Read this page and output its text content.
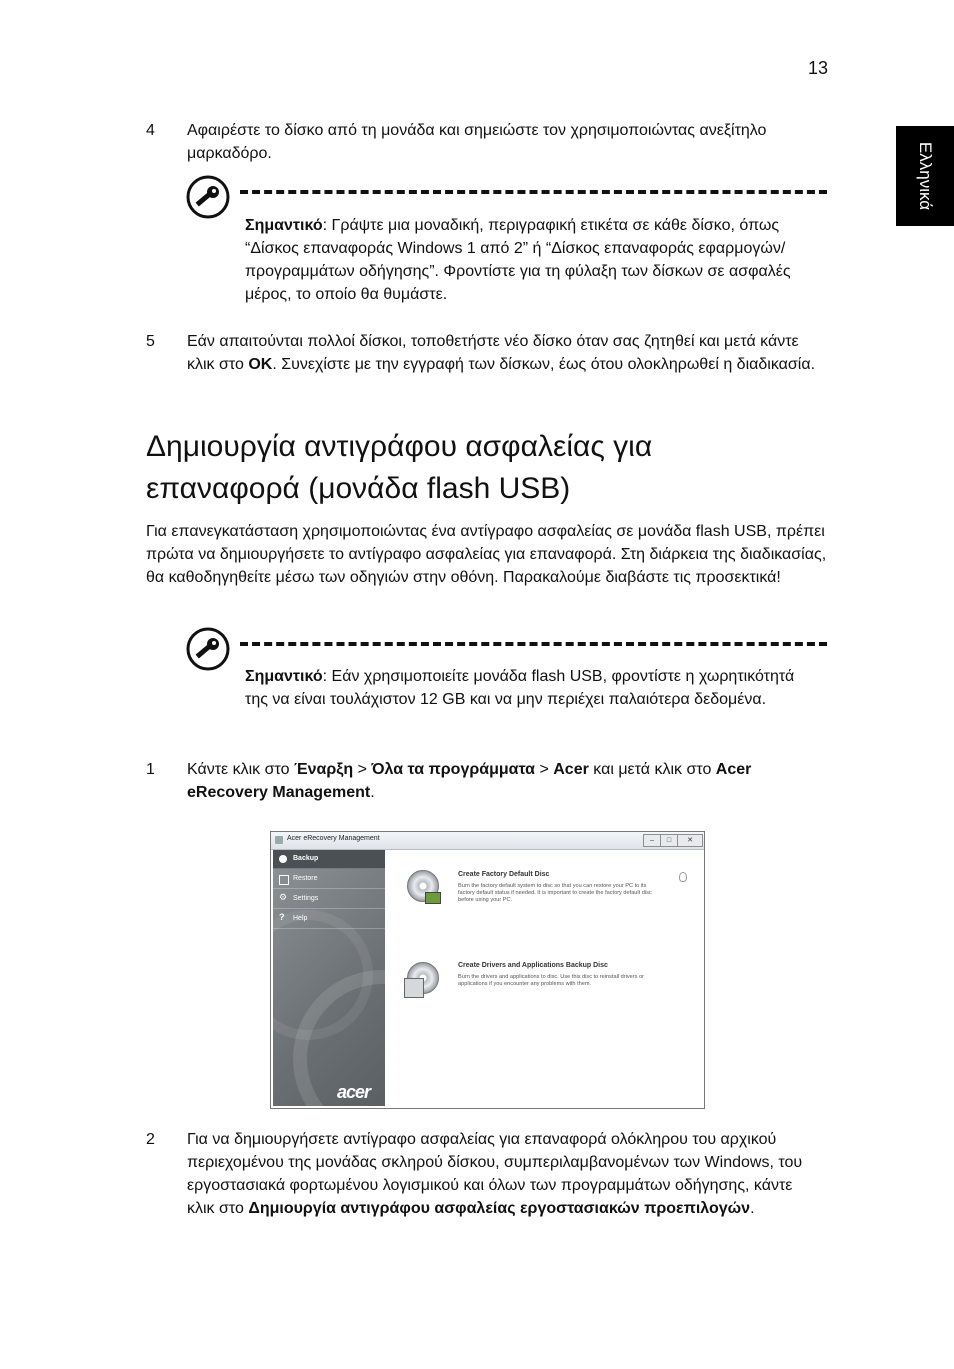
13
Ελληνικά
4 Αφαιρέστε το δίσκο από τη μονάδα και σημειώστε τον χρησιμοποιώντας ανεξίτηλο μαρκαδόρο.
Σημαντικό: Γράψτε μια μοναδική, περιγραφική ετικέτα σε κάθε δίσκο, όπως “Δίσκος επαναφοράς Windows 1 από 2” ή “Δίσκος επαναφοράς εφαρμογών/προγραμμάτων οδήγησης”. Φροντίστε για τη φύλαξη των δίσκων σε ασφαλές μέρος, το οποίο θα θυμάστε.
5 Εάν απαιτούνται πολλοί δίσκοι, τοποθετήστε νέο δίσκο όταν σας ζητηθεί και μετά κάντε κλικ στο OK. Συνεχίστε με την εγγραφή των δίσκων, έως ότου ολοκληρωθεί η διαδικασία.
Δημιουργία αντιγράφου ασφαλείας για
επαναφορά (μονάδα flash USB)
Για επανεγκατάσταση χρησιμοποιώντας ένα αντίγραφο ασφαλείας σε μονάδα flash USB, πρέπει πρώτα να δημιουργήσετε το αντίγραφο ασφαλείας για επαναφορά. Στη διάρκεια της διαδικασίας, θα καθοδηγηθείτε μέσω των οδηγιών στην οθόνη. Παρακαλούμε διαβάστε τις προσεκτικά!
Σημαντικό: Εάν χρησιμοποιείτε μονάδα flash USB, φροντίστε η χωρητικότητά της να είναι τουλάχιστον 12 GB και να μην περιέχει παλαιότερα δεδομένα.
1 Κάντε κλικ στο Έναρξη > Όλα τα προγράμματα > Acer και μετά κλικ στο Acer
eRecovery Management.
Acer eRecovery Management	–	□	✕
Backup
Restore
⚙ Settings
?	Help
acer
Create Factory Default Disc
Burn the factory default system to disc so that you can restore your PC to its factory default status if needed. It is important to create the factory default disc before using your PC.
Create Drivers and Applications Backup Disc
Burn the drivers and applications to disc. Use this disc to reinstall drivers or applications if you encounter any problems with them.
2 Για να δημιουργήσετε αντίγραφο ασφαλείας για επαναφορά ολόκληρου του αρχικού περιεχομένου της μονάδας σκληρού δίσκου, συμπεριλαμβανομένων των Windows, του εργοστασιακά φορτωμένου λογισμικού και όλων των προγραμμάτων οδήγησης, κάντε κλικ στο Δημιουργία αντιγράφου ασφαλείας εργοστασιακών προεπιλογών.
